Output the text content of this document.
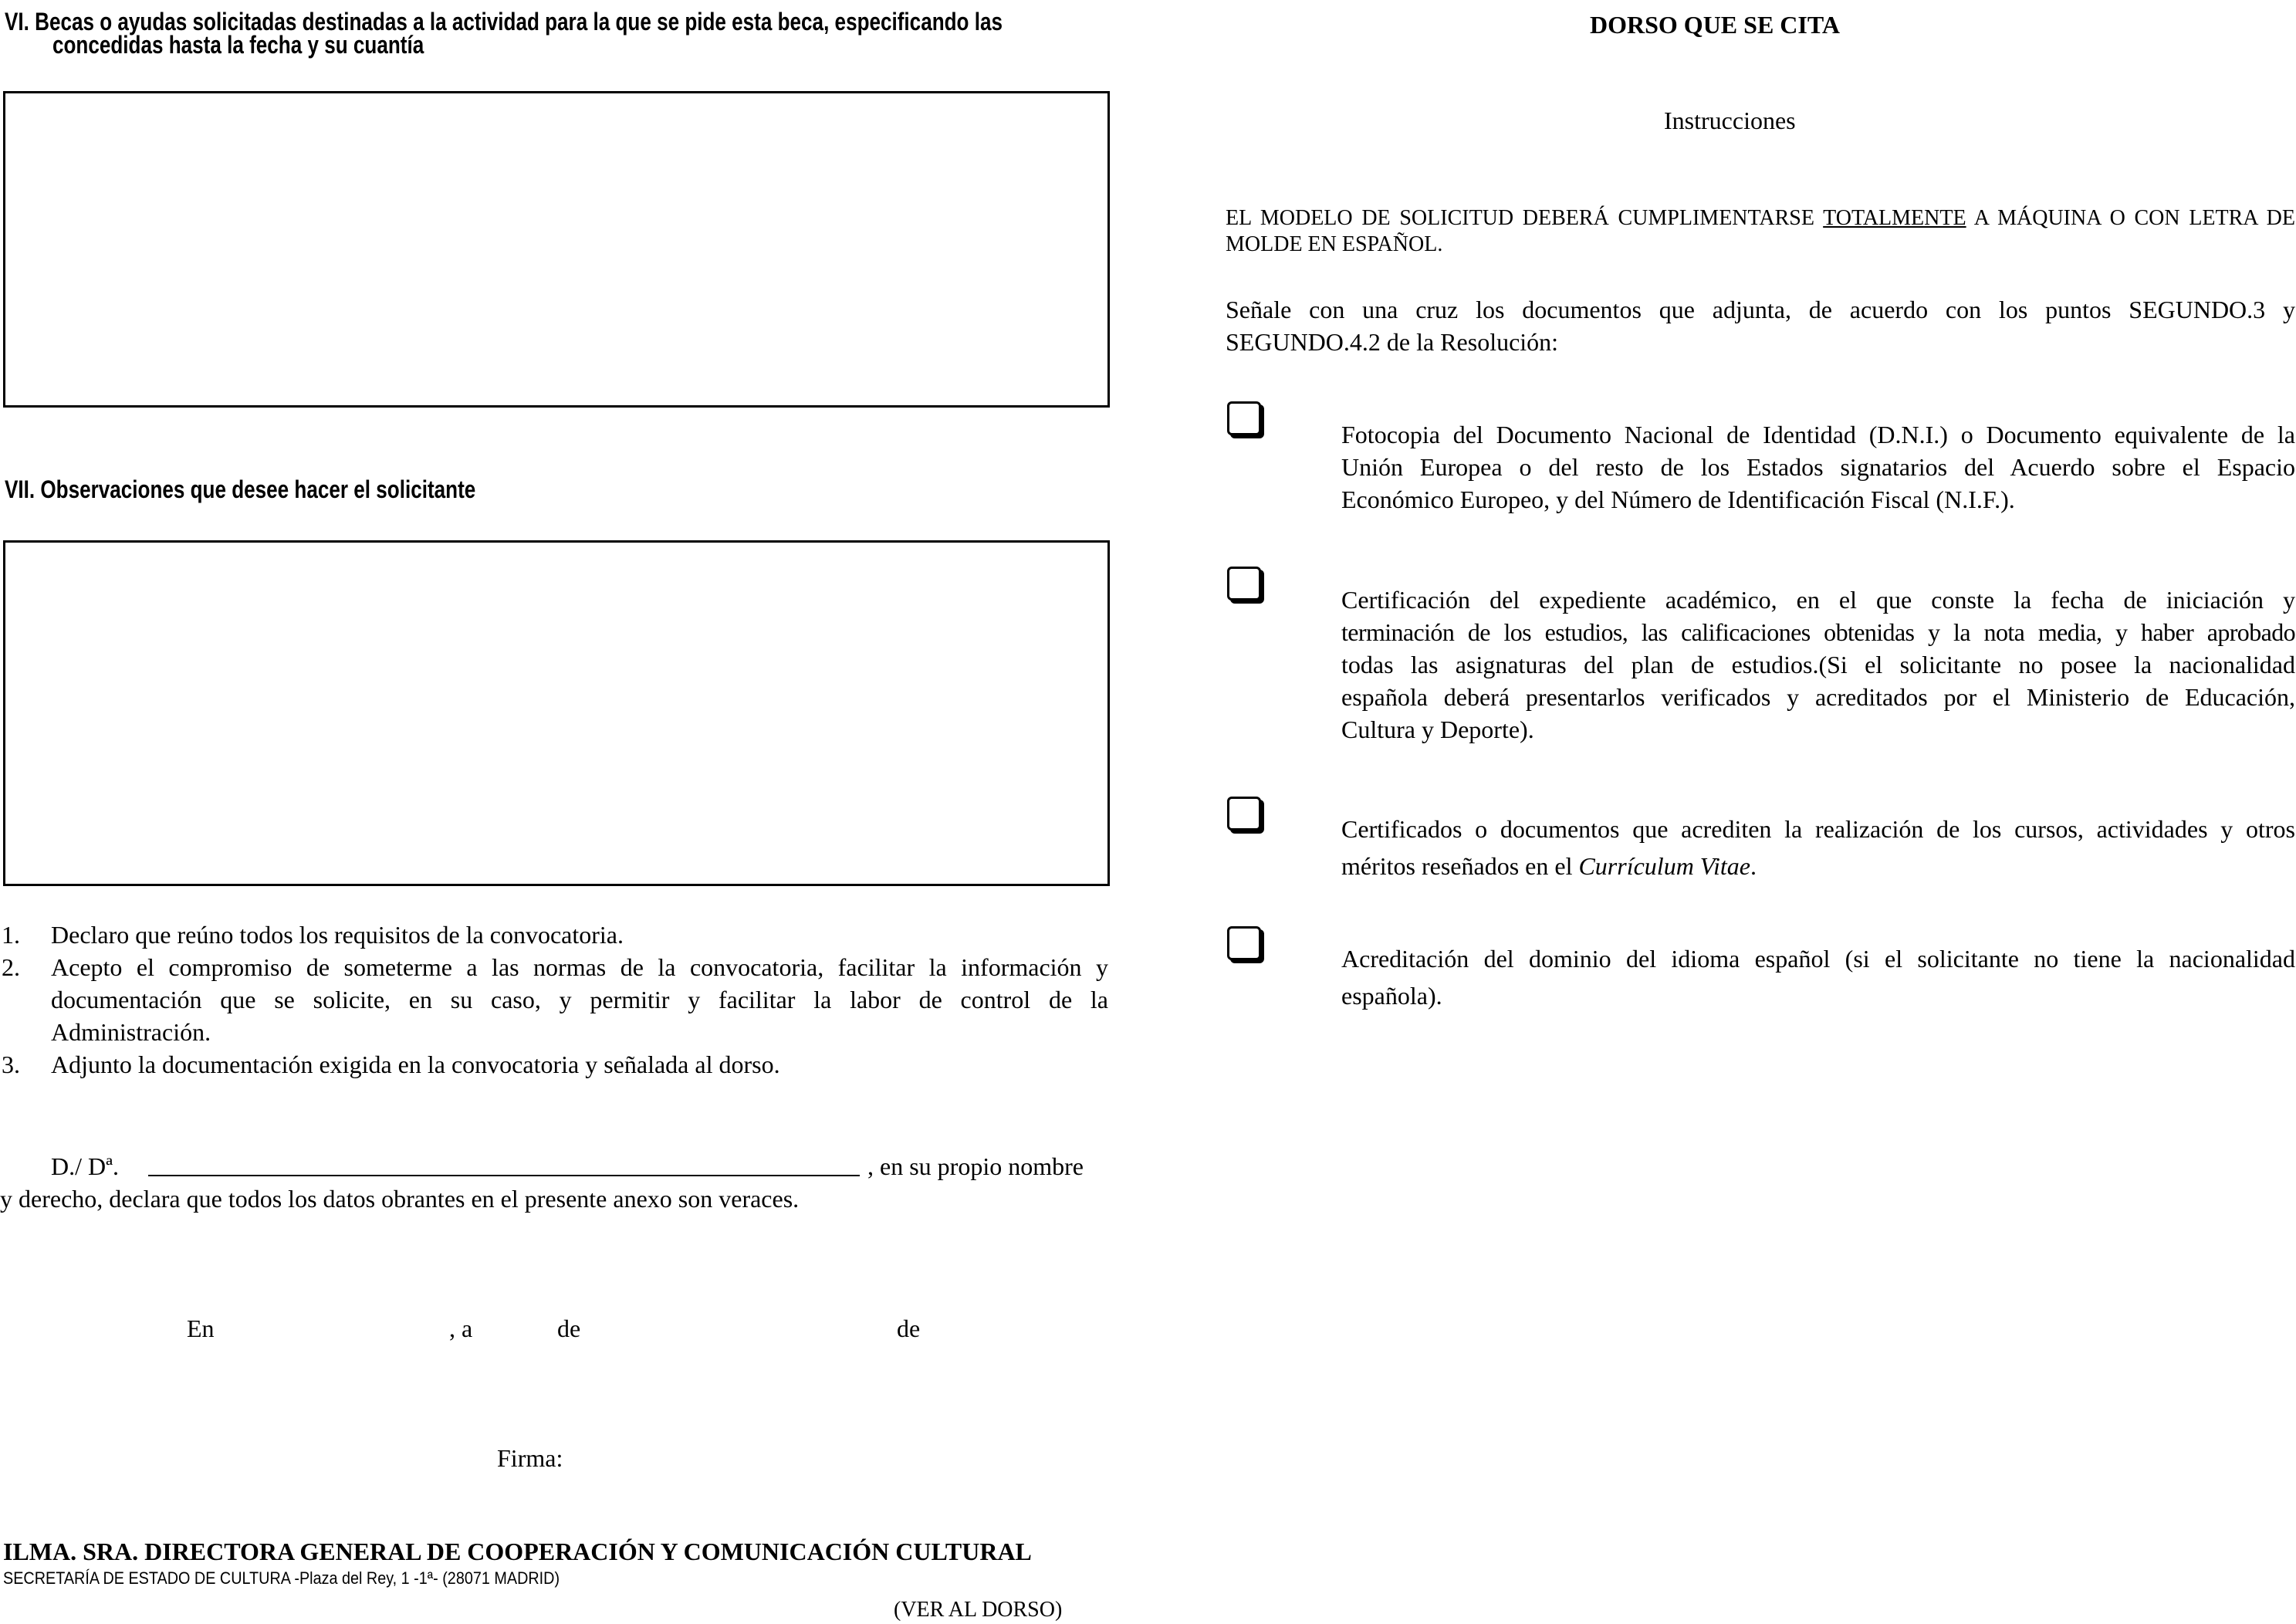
VI. Becas o ayudas solicitadas destinadas a la actividad para la que se pide esta beca, especificando las
concedidas hasta la fecha y su cuantía
VII. Observaciones que desee hacer el solicitante
1. Declaro que reúno todos los requisitos de la convocatoria.
2. Acepto el compromiso de someterme a las normas de la convocatoria, facilitar la información y
documentación que se solicite, en su caso, y permitir y facilitar la labor de control de la
Administración.
3. Adjunto la documentación exigida en la convocatoria y señalada al dorso.
D./ Dª.	, en su propio nombre
y derecho, declara que todos los datos obrantes en el presente anexo son veraces.
En	, a	de	de
Firma:
ILMA. SRA. DIRECTORA GENERAL DE COOPERACIÓN Y COMUNICACIÓN CULTURAL
SECRETARÍA DE ESTADO DE CULTURA -Plaza del Rey, 1 -1ª- (28071 MADRID)
(VER AL DORSO)
DORSO QUE SE CITA
Instrucciones
EL MODELO DE SOLICITUD DEBERÁ CUMPLIMENTARSE TOTALMENTE A MÁQUINA O CON LETRA DE
MOLDE EN ESPAÑOL.
Señale con una cruz los documentos que adjunta, de acuerdo con los puntos SEGUNDO.3 y
SEGUNDO.4.2 de la Resolución:
Fotocopia del Documento Nacional de Identidad (D.N.I.) o Documento equivalente de la
Unión Europea o del resto de los Estados signatarios del Acuerdo sobre el Espacio
Económico Europeo, y del Número de Identificación Fiscal (N.I.F.).
Certificación del expediente académico, en el que conste la fecha de iniciación y
terminación de los estudios, las calificaciones obtenidas y la nota media, y haber aprobado
todas las asignaturas del plan de estudios.(Si el solicitante no posee la nacionalidad
española deberá presentarlos verificados y acreditados por el Ministerio de Educación,
Cultura y Deporte).
Certificados o documentos que acrediten la realización de los cursos, actividades y otros
méritos reseñados en el Currículum Vitae.
Acreditación del dominio del idioma español (si el solicitante no tiene la nacionalidad
española).
